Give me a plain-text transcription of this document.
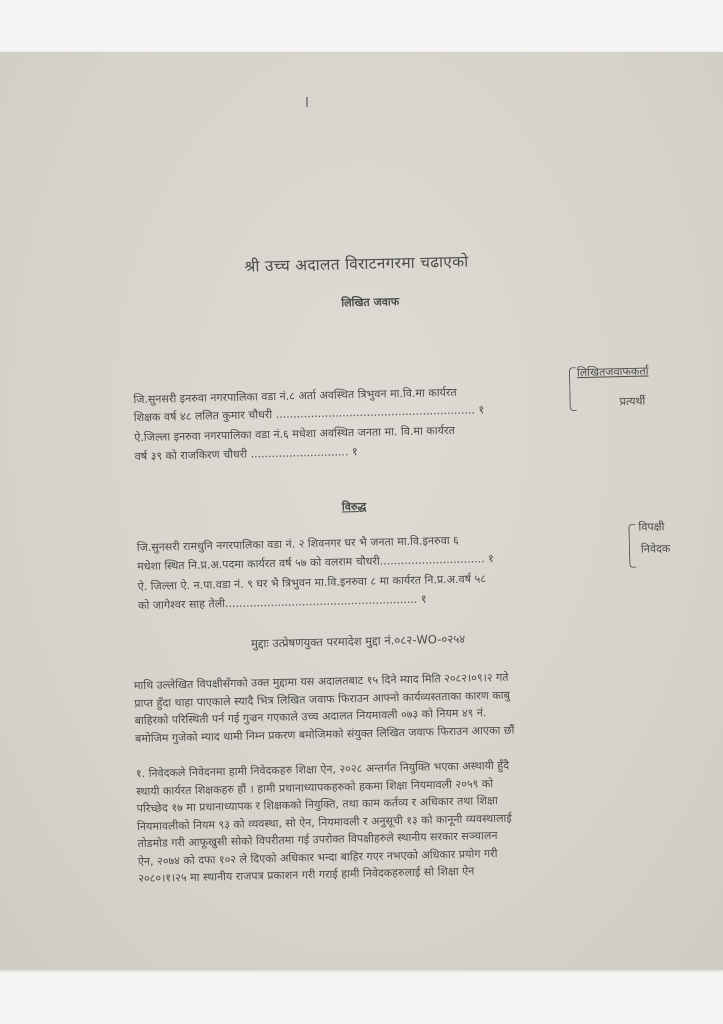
श्री उच्च अदालत विराटनगरमा चढाएको
लिखित जवाफ
जि.सुनसरी इनरुवा नगरपालिका वडा नं.८ अर्ता अवस्थित त्रिभुवन मा.वि.मा कार्यरत
शिक्षक वर्ष ४८ ललित कुमार चौधरी ......................................................... १
ऐ.जिल्ला इनरुवा नगरपालिका वडा नं.६ मधेशा अवस्थित जनता मा. वि.मा कार्यरत
वर्ष ३९ को राजकिरण चौधरी ............................ १
लिखितजवाफकर्ता
प्रत्यर्थी
विरुद्ध
जि.सुनसरी रामधुनि नगरपालिका वडा नं. २ शिवनगर घर भै जनता मा.वि.इनरुवा ६
मधेशा स्थित नि.प्र.अ.पदमा कार्यरत वर्ष ५७ को वलराम चौधरी.............................. १
ऐ. जिल्ला ऐ. न.पा.वडा नं. ९ घर भै त्रिभुवन मा.वि.इनरुवा ८ मा कार्यरत नि.प्र.अ.वर्ष ५८
को जागेश्वर साह तेली....................................................... १
विपक्षी
निवेदक
मुद्दाः उत्प्रेषणयुक्त परमादेश मुद्दा नं.०८२-WO-०२५४
माथि उल्लेखित विपक्षीसँगको उक्त मुद्दामा यस अदालतबाट १५ दिने म्याद मिति २०८२।०९।२ गते
प्राप्त हुँदा थाहा पाएकाले स्यादै भित्र लिखित जवाफ फिराउन आफ्नो कार्यव्यस्तताका कारण काबु
बाहिरको परिस्थिती पर्न गई गुज्रन गएकाले उच्च अदालत नियमावली ०७३ को नियम ४९ नं.
बमोजिम गुजेको म्याद थामी निम्न प्रकरण बमोजिमको संयुक्त लिखित जवाफ फिराउन आएका छौं
१. निवेदकले निवेदनमा हामी निवेदकहरु शिक्षा ऐन, २०२८ अन्तर्गत नियुक्ति भएका अस्थायी हुँदै
स्थायी कार्यरत शिक्षकहरु हौं । हामी प्रधानाध्यापकहरुको हकमा शिक्षा नियमावली २०५९ को
परिच्छेद १७ मा प्रधानाध्यापक र शिक्षकको नियुक्ति, तथा काम कर्तव्य र अधिकार तथा शिक्षा
नियमावलीको नियम ९३ को व्यवस्था, सो ऐन, नियमावली र अनुसूची १३ को कानूनी व्यवस्थालाई
तोडमोड गरी आफूखुसी सोको विपरीतमा गई उपरोक्त विपक्षीहरुले स्थानीय सरकार सञ्चालन
ऐन, २०७४ को दफा १०२ ले दिएको अधिकार भन्दा बाहिर गएर नभएको अधिकार प्रयोग गरी
२०८०।१।२५ मा स्थानीय राजपत्र प्रकाशन गरी गराई हामी निवेदकहरुलाई सो शिक्षा ऐन
